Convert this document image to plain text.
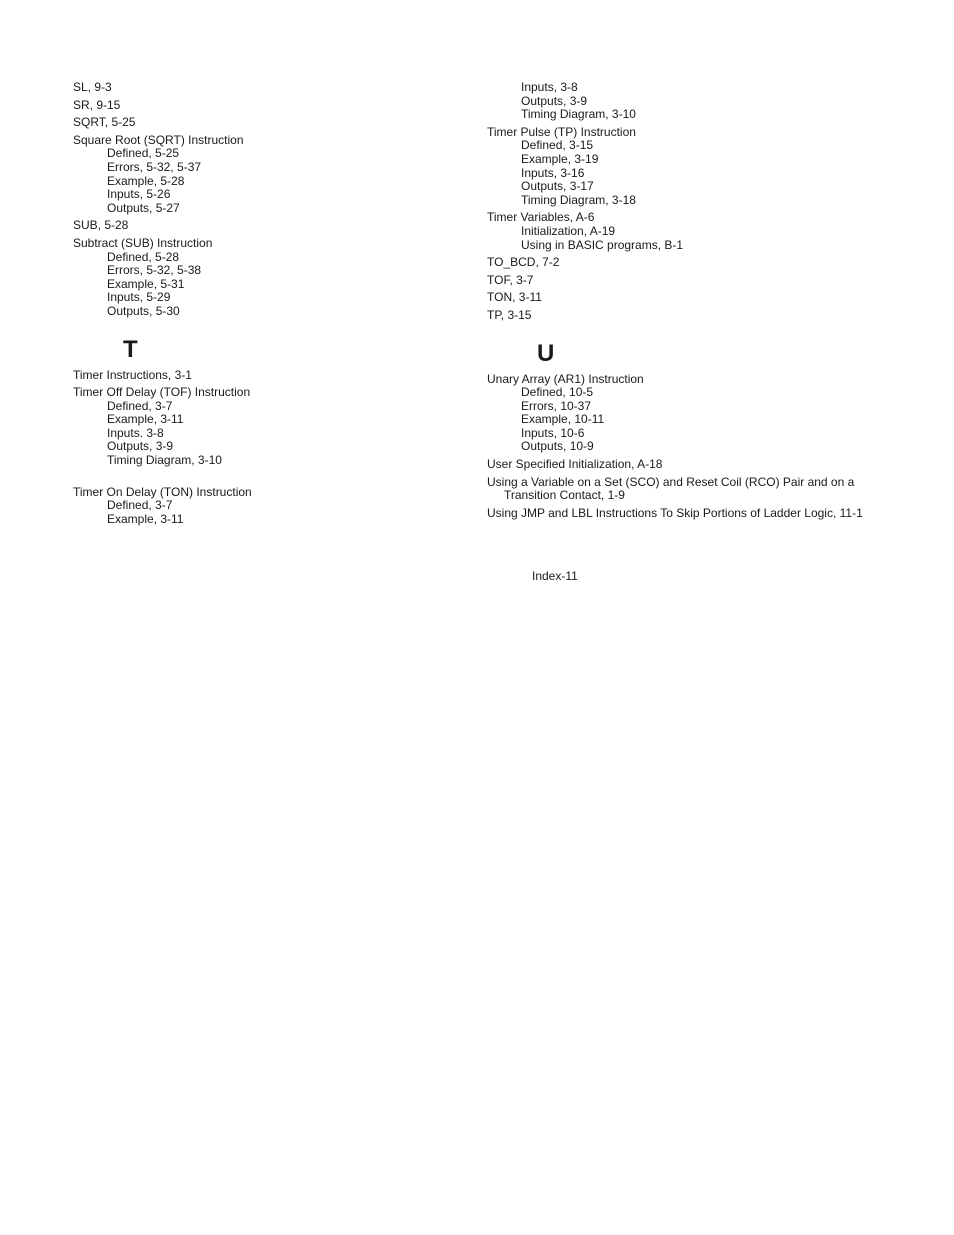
SL, 9-3
SR, 9-15
SQRT, 5-25
Square Root (SQRT) Instruction
Defined, 5-25
Errors, 5-32, 5-37
Example, 5-28
Inputs, 5-26
Outputs, 5-27
SUB, 5-28
Subtract (SUB) Instruction
Defined, 5-28
Errors, 5-32, 5-38
Example, 5-31
Inputs, 5-29
Outputs, 5-30
T
Timer Instructions, 3-1
Timer Off Delay (TOF) Instruction
Defined, 3-7
Example, 3-11
Inputs. 3-8
Outputs, 3-9
Timing Diagram, 3-10
Timer On Delay (TON) Instruction
Defined, 3-7
Example, 3-11
Inputs, 3-8
Outputs, 3-9
Timing Diagram, 3-10
Timer Pulse (TP) Instruction
Defined, 3-15
Example, 3-19
Inputs, 3-16
Outputs, 3-17
Timing Diagram, 3-18
Timer Variables, A-6
Initialization, A-19
Using in BASIC programs, B-1
TO_BCD, 7-2
TOF, 3-7
TON, 3-11
TP, 3-15
U
Unary Array (AR1) Instruction
Defined, 10-5
Errors, 10-37
Example, 10-11
Inputs, 10-6
Outputs, 10-9
User Specified Initialization, A-18
Using a Variable on a Set (SCO) and Reset Coil (RCO) Pair and on a
Transition Contact, 1-9
Using JMP and LBL Instructions To Skip Portions of Ladder Logic, 11-1
Index-11
